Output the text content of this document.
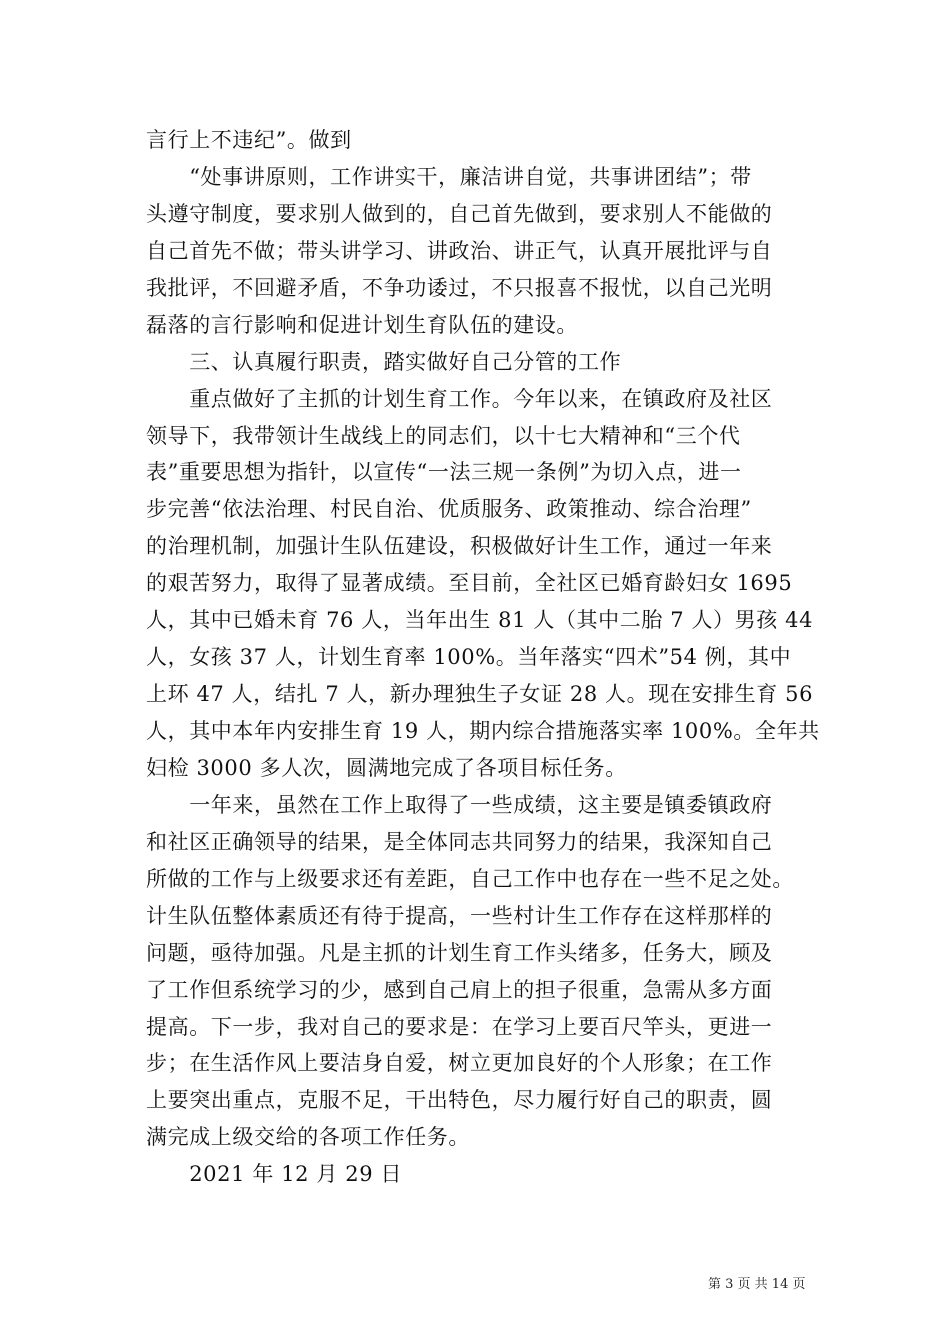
言行上不违纪”。做到
　　“处事讲原则，工作讲实干，廉洁讲自觉，共事讲团结”；带
头遵守制度，要求别人做到的，自己首先做到，要求别人不能做的
自己首先不做；带头讲学习、讲政治、讲正气，认真开展批评与自
我批评，不回避矛盾，不争功诿过，不只报喜不报忧，以自己光明
磊落的言行影响和促进计划生育队伍的建设。
　　三、认真履行职责，踏实做好自己分管的工作
　　重点做好了主抓的计划生育工作。今年以来，在镇政府及社区
领导下，我带领计生战线上的同志们，以十七大精神和“三个代
表”重要思想为指针，以宣传“一法三规一条例”为切入点，进一
步完善“依法治理、村民自治、优质服务、政策推动、综合治理”
的治理机制，加强计生队伍建设，积极做好计生工作，通过一年来
的艰苦努力，取得了显著成绩。至目前，全社区已婚育龄妇女 1695
人，其中已婚未育 76 人，当年出生 81 人（其中二胎 7 人）男孩 44
人，女孩 37 人，计划生育率 100%。当年落实“四术”54 例，其中
上环 47 人，结扎 7 人，新办理独生子女证 28 人。现在安排生育 56
人，其中本年内安排生育 19 人，期内综合措施落实率 100%。全年共
妇检 3000 多人次，圆满地完成了各项目标任务。
　　一年来，虽然在工作上取得了一些成绩，这主要是镇委镇政府
和社区正确领导的结果，是全体同志共同努力的结果，我深知自己
所做的工作与上级要求还有差距，自己工作中也存在一些不足之处。
计生队伍整体素质还有待于提高，一些村计生工作存在这样那样的
问题，亟待加强。凡是主抓的计划生育工作头绪多，任务大，顾及
了工作但系统学习的少，感到自己肩上的担子很重，急需从多方面
提高。下一步，我对自己的要求是：在学习上要百尺竿头，更进一
步；在生活作风上要洁身自爱，树立更加良好的个人形象；在工作
上要突出重点，克服不足，干出特色，尽力履行好自己的职责，圆
满完成上级交给的各项工作任务。
　　2021 年 12 月 29 日
第 3 页 共 14 页
